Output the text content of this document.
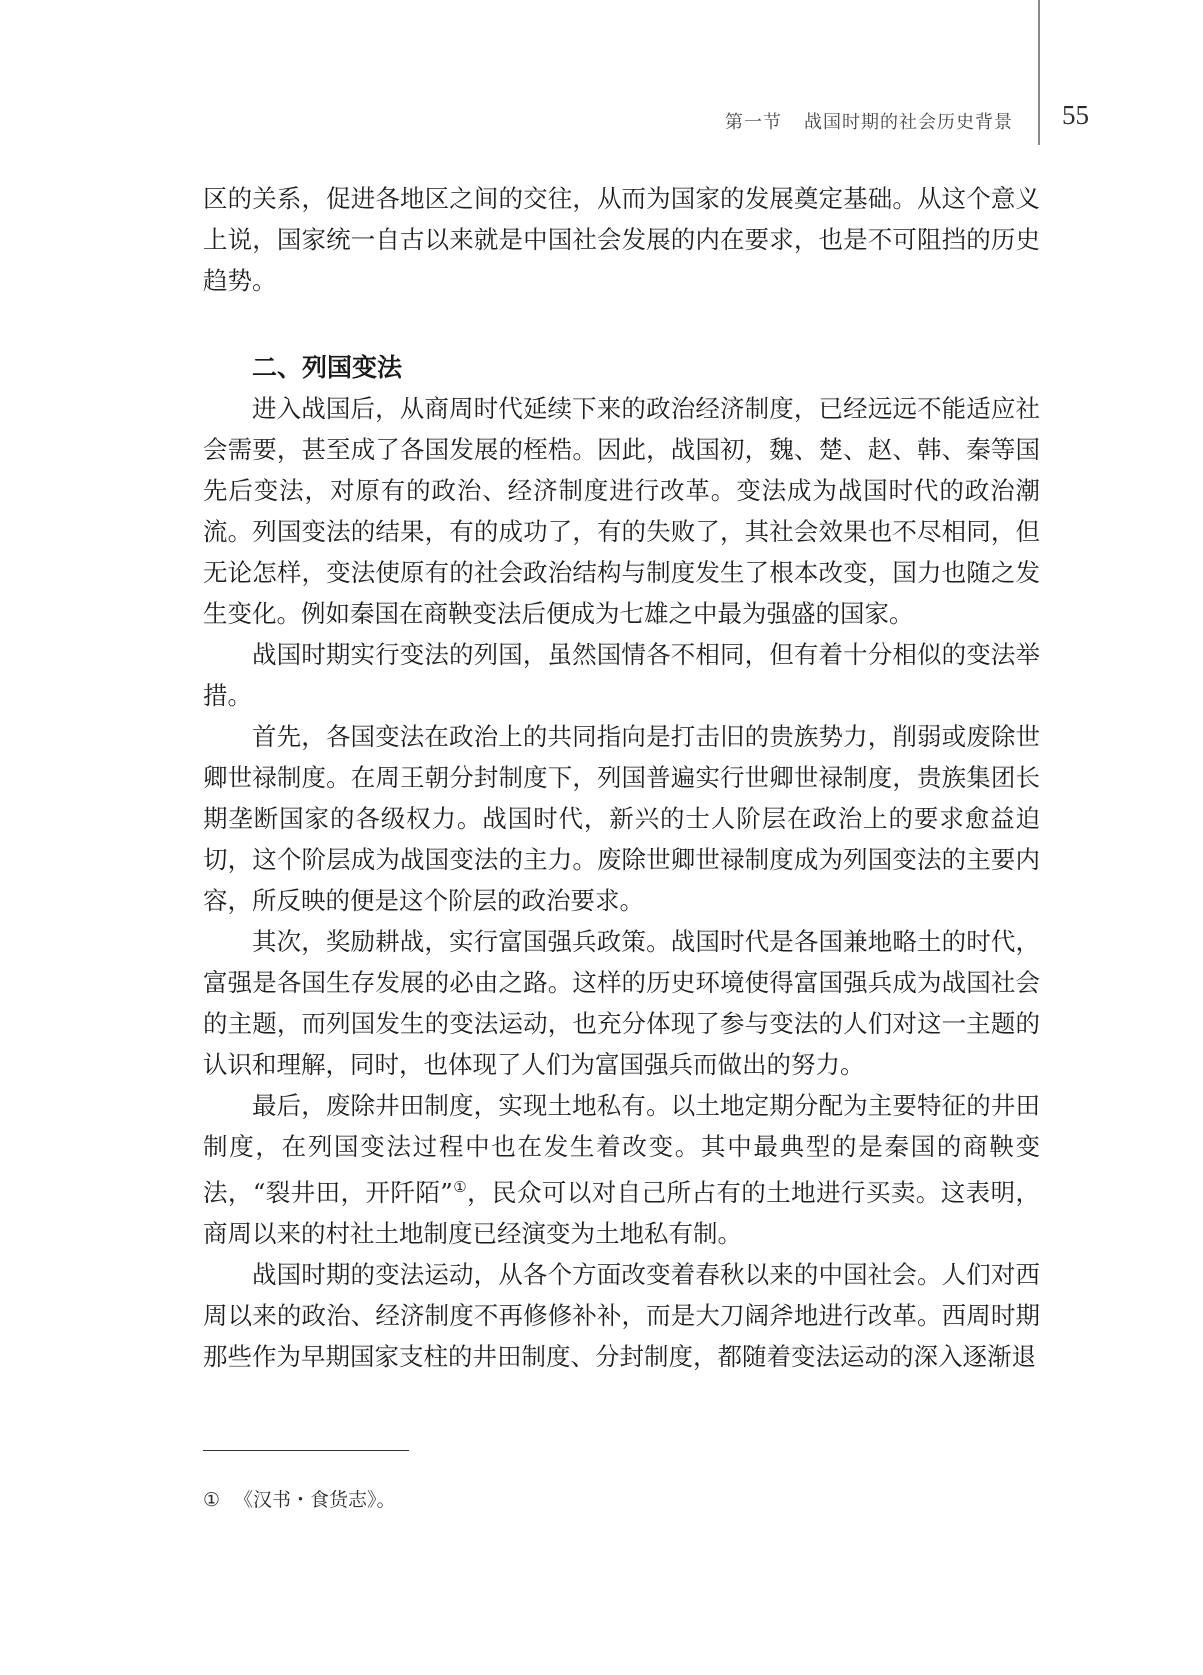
第一节 战国时期的社会历史背景 55

区的关系，促进各地区之间的交往，从而为国家的发展奠定基础。从这个意义上说，国家统一自古以来就是中国社会发展的内在要求，也是不可阻挡的历史趋势。

二、列国变法

进入战国后，从商周时代延续下来的政治经济制度，已经远远不能适应社会需要，甚至成了各国发展的桎梏。因此，战国初，魏、楚、赵、韩、秦等国先后变法，对原有的政治、经济制度进行改革。变法成为战国时代的政治潮流。列国变法的结果，有的成功了，有的失败了，其社会效果也不尽相同，但无论怎样，变法使原有的社会政治结构与制度发生了根本改变，国力也随之发生变化。例如秦国在商鞅变法后便成为七雄之中最为强盛的国家。

战国时期实行变法的列国，虽然国情各不相同，但有着十分相似的变法举措。

首先，各国变法在政治上的共同指向是打击旧的贵族势力，削弱或废除世卿世禄制度。在周王朝分封制度下，列国普遍实行世卿世禄制度，贵族集团长期垄断国家的各级权力。战国时代，新兴的士人阶层在政治上的要求愈益迫切，这个阶层成为战国变法的主力。废除世卿世禄制度成为列国变法的主要内容，所反映的便是这个阶层的政治要求。

其次，奖励耕战，实行富国强兵政策。战国时代是各国兼地略土的时代，富强是各国生存发展的必由之路。这样的历史环境使得富国强兵成为战国社会的主题，而列国发生的变法运动，也充分体现了参与变法的人们对这一主题的认识和理解，同时，也体现了人们为富国强兵而做出的努力。

最后，废除井田制度，实现土地私有。以土地定期分配为主要特征的井田制度，在列国变法过程中也在发生着改变。其中最典型的是秦国的商鞅变法，“裂井田，开阡陌”①，民众可以对自己所占有的土地进行买卖。这表明，商周以来的村社土地制度已经演变为土地私有制。

战国时期的变法运动，从各个方面改变着春秋以来的中国社会。人们对西周以来的政治、经济制度不再修修补补，而是大刀阔斧地进行改革。西周时期那些作为早期国家支柱的井田制度、分封制度，都随着变法运动的深入逐渐退

① 《汉书・食货志》。
